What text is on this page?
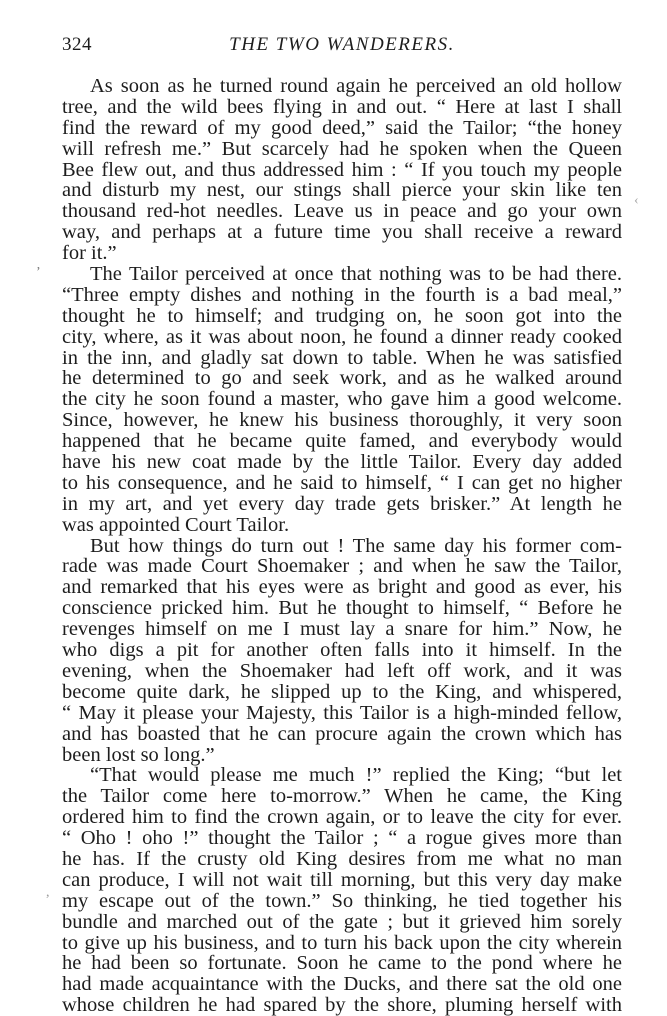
324	THE TWO WANDERERS.
As soon as he turned round again he perceived an old hollow
tree, and the wild bees flying in and out. “ Here at last I shall
find the reward of my good deed,” said the Tailor; “the honey
will refresh me.” But scarcely had he spoken when the Queen
Bee flew out, and thus addressed him : “ If you touch my people
and disturb my nest, our stings shall pierce your skin like ten
thousand red-hot needles. Leave us in peace and go your own
way, and perhaps at a future time you shall receive a reward
for it.”
The Tailor perceived at once that nothing was to be had there.
“Three empty dishes and nothing in the fourth is a bad meal,”
thought he to himself; and trudging on, he soon got into the
city, where, as it was about noon, he found a dinner ready cooked
in the inn, and gladly sat down to table. When he was satisfied
he determined to go and seek work, and as he walked around
the city he soon found a master, who gave him a good welcome.
Since, however, he knew his business thoroughly, it very soon
happened that he became quite famed, and everybody would
have his new coat made by the little Tailor. Every day added
to his consequence, and he said to himself, “ I can get no higher
in my art, and yet every day trade gets brisker.” At length he
was appointed Court Tailor.
But how things do turn out ! The same day his former com-
rade was made Court Shoemaker ; and when he saw the Tailor,
and remarked that his eyes were as bright and good as ever, his
conscience pricked him. But he thought to himself, “ Before he
revenges himself on me I must lay a snare for him.” Now, he
who digs a pit for another often falls into it himself. In the
evening, when the Shoemaker had left off work, and it was
become quite dark, he slipped up to the King, and whispered,
“ May it please your Majesty, this Tailor is a high-minded fellow,
and has boasted that he can procure again the crown which has
been lost so long.”
“That would please me much !” replied the King; “but let
the Tailor come here to-morrow.” When he came, the King
ordered him to find the crown again, or to leave the city for ever.
“ Oho ! oho !” thought the Tailor ; “ a rogue gives more than
he has. If the crusty old King desires from me what no man
can produce, I will not wait till morning, but this very day make
my escape out of the town.” So thinking, he tied together his
bundle and marched out of the gate ; but it grieved him sorely
to give up his business, and to turn his back upon the city wherein
he had been so fortunate. Soon he came to the pond where he
had made acquaintance with the Ducks, and there sat the old one
whose children he had spared by the shore, pluming herself with
’
,
‹
